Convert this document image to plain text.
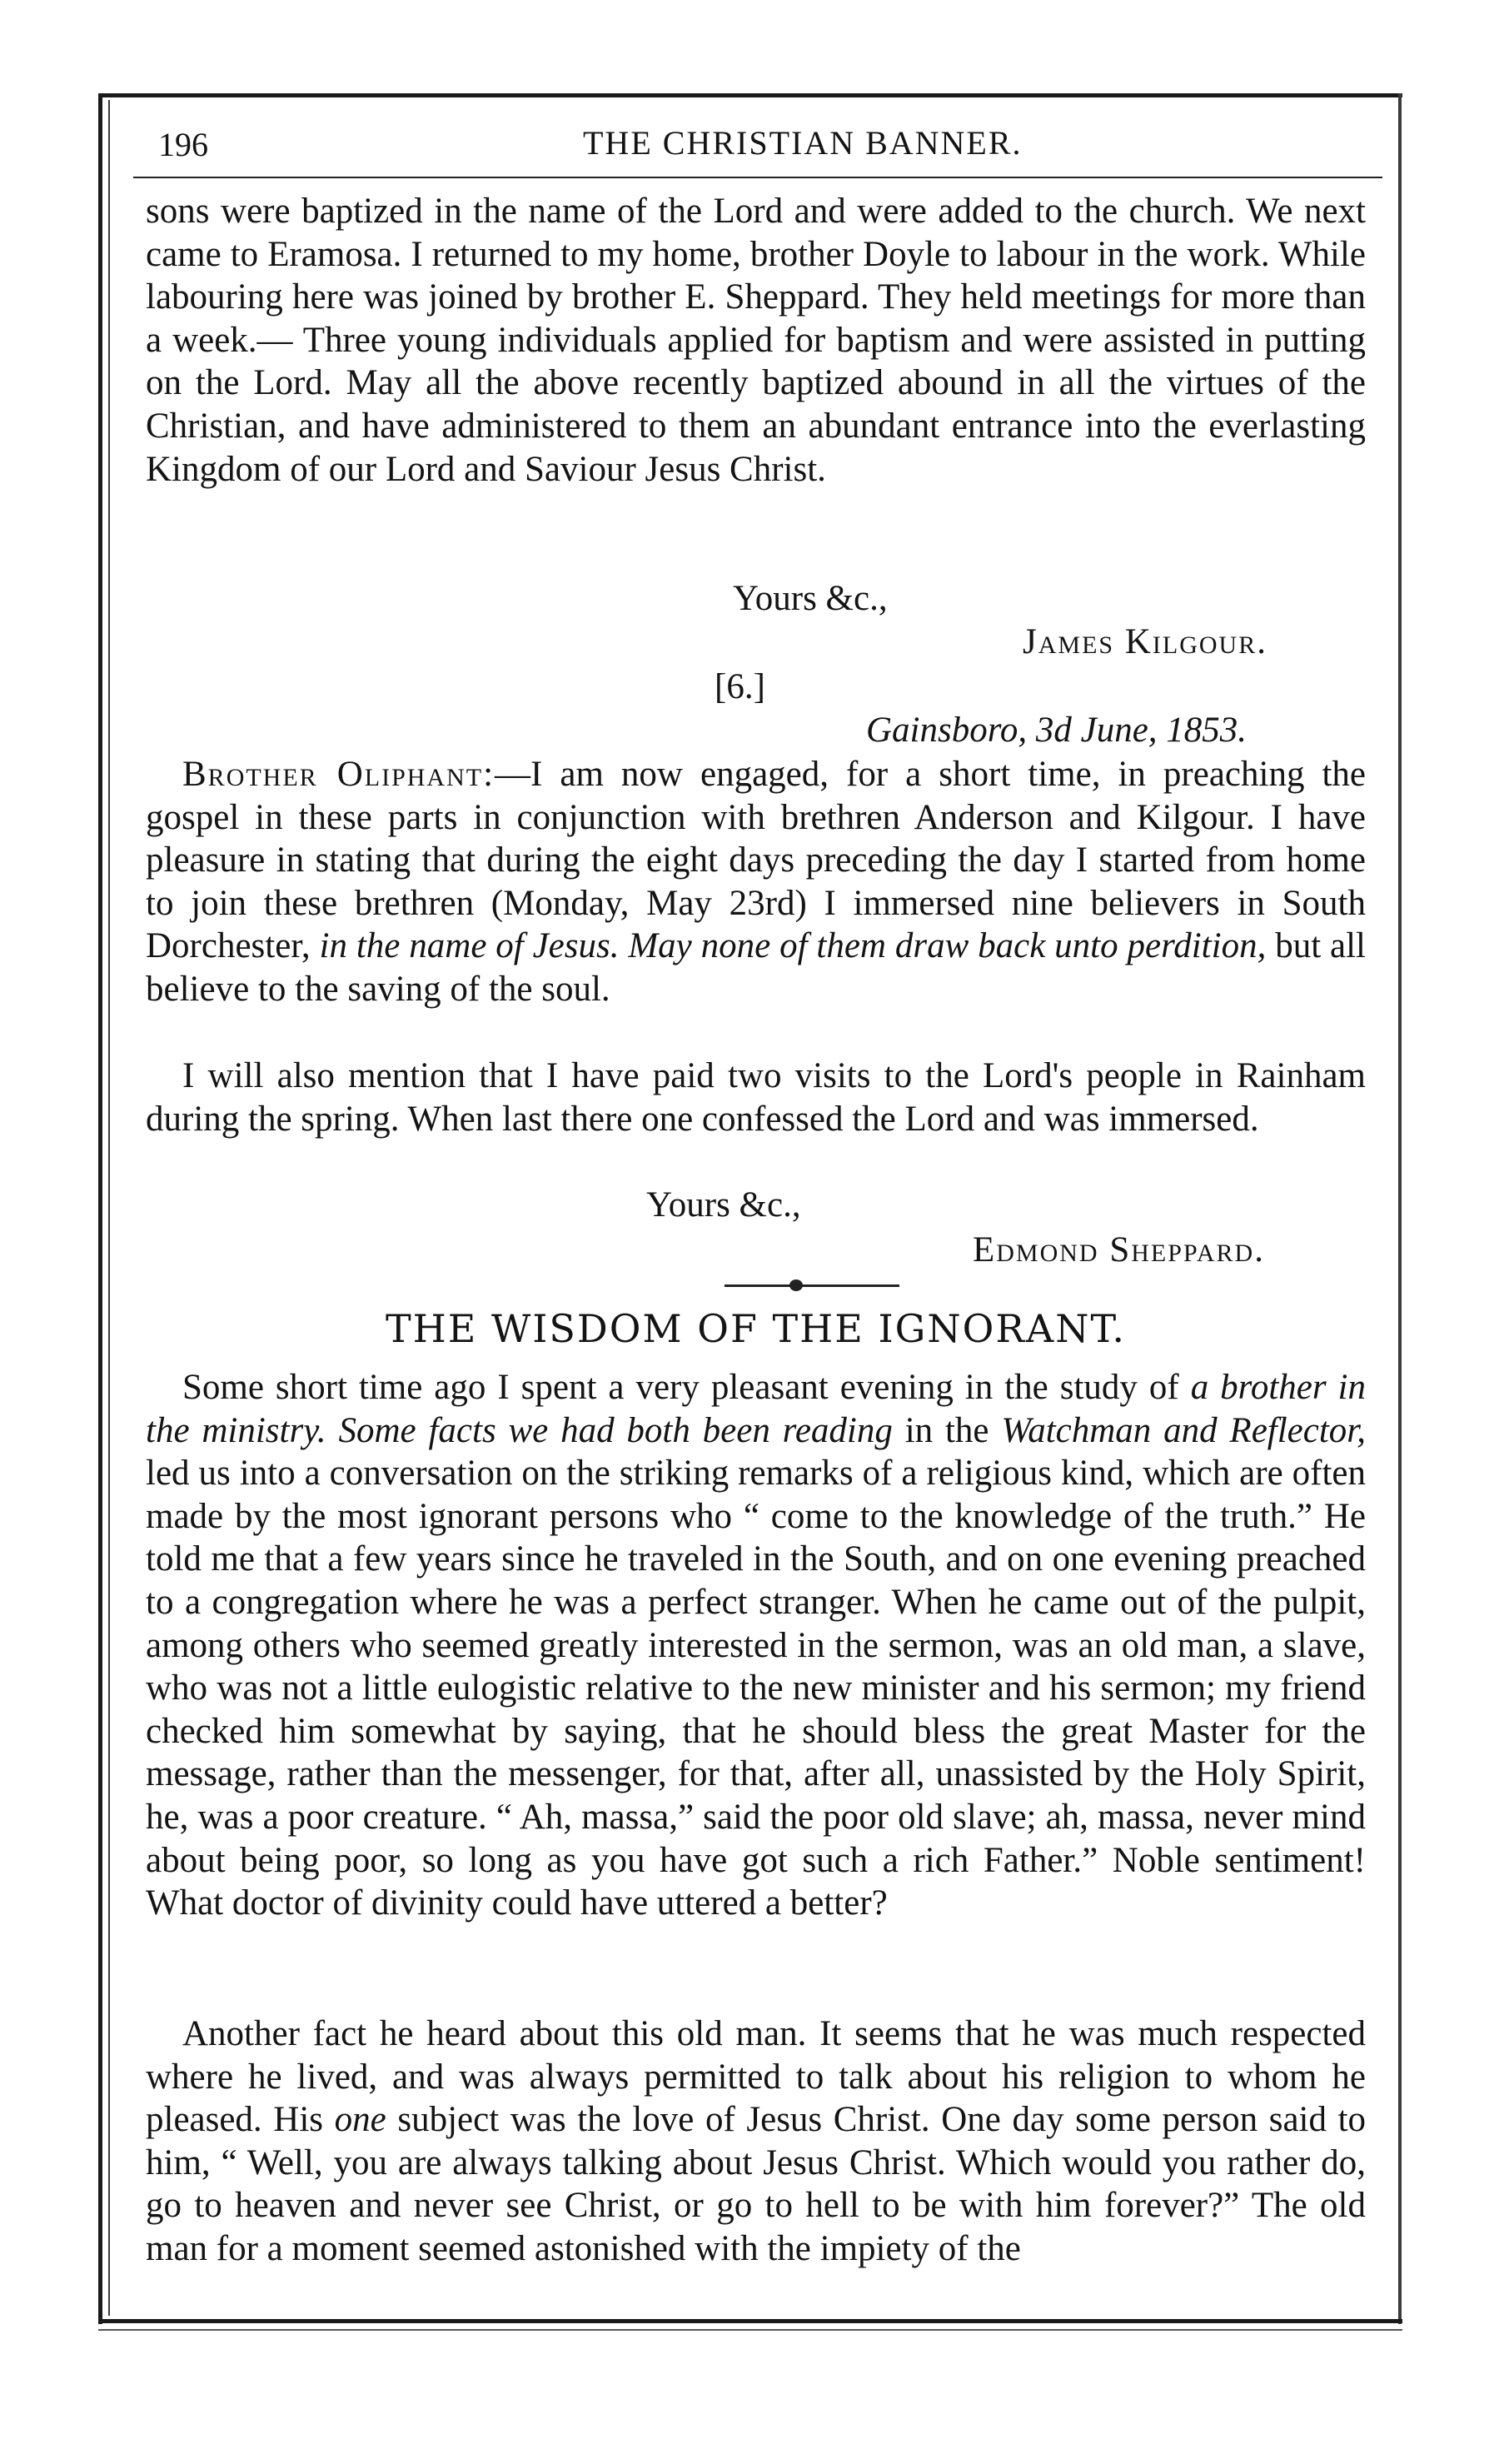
196	THE CHRISTIAN BANNER.
sons were baptized in the name of the Lord and were added to the church. We next came to Eramosa. I returned to my home, brother Doyle to labour in the work. While labouring here was joined by brother E. Sheppard. They held meetings for more than a week.— Three young individuals applied for baptism and were assisted in putting on the Lord. May all the above recently baptized abound in all the virtues of the Christian, and have administered to them an abundant entrance into the everlasting Kingdom of our Lord and Saviour Jesus Christ.
Yours &c.,
James Kilgour.
[6.]
Gainsboro, 3d June, 1853.
Brother Oliphant:—I am now engaged, for a short time, in preaching the gospel in these parts in conjunction with brethren Anderson and Kilgour. I have pleasure in stating that during the eight days preceding the day I started from home to join these brethren (Monday, May 23rd) I immersed nine believers in South Dorchester, in the name of Jesus. May none of them draw back unto perdition, but all believe to the saving of the soul.
I will also mention that I have paid two visits to the Lord's people in Rainham during the spring. When last there one confessed the Lord and was immersed.
Yours &c.,
Edmond Sheppard.
THE WISDOM OF THE IGNORANT.
Some short time ago I spent a very pleasant evening in the study of a brother in the ministry. Some facts we had both been reading in the Watchman and Reflector, led us into a conversation on the striking remarks of a religious kind, which are often made by the most ignorant persons who “ come to the knowledge of the truth.” He told me that a few years since he traveled in the South, and on one evening preached to a congregation where he was a perfect stranger. When he came out of the pulpit, among others who seemed greatly interested in the sermon, was an old man, a slave, who was not a little eulogistic relative to the new minister and his sermon; my friend checked him somewhat by saying, that he should bless the great Master for the message, rather than the messenger, for that, after all, unassisted by the Holy Spirit, he, was a poor creature. “ Ah, massa,” said the poor old slave; ah, massa, never mind about being poor, so long as you have got such a rich Father.” Noble sentiment! What doctor of divinity could have uttered a better?
Another fact he heard about this old man. It seems that he was much respected where he lived, and was always permitted to talk about his religion to whom he pleased. His one subject was the love of Jesus Christ. One day some person said to him, “ Well, you are always talking about Jesus Christ. Which would you rather do, go to heaven and never see Christ, or go to hell to be with him forever?” The old man for a moment seemed astonished with the impiety of the
